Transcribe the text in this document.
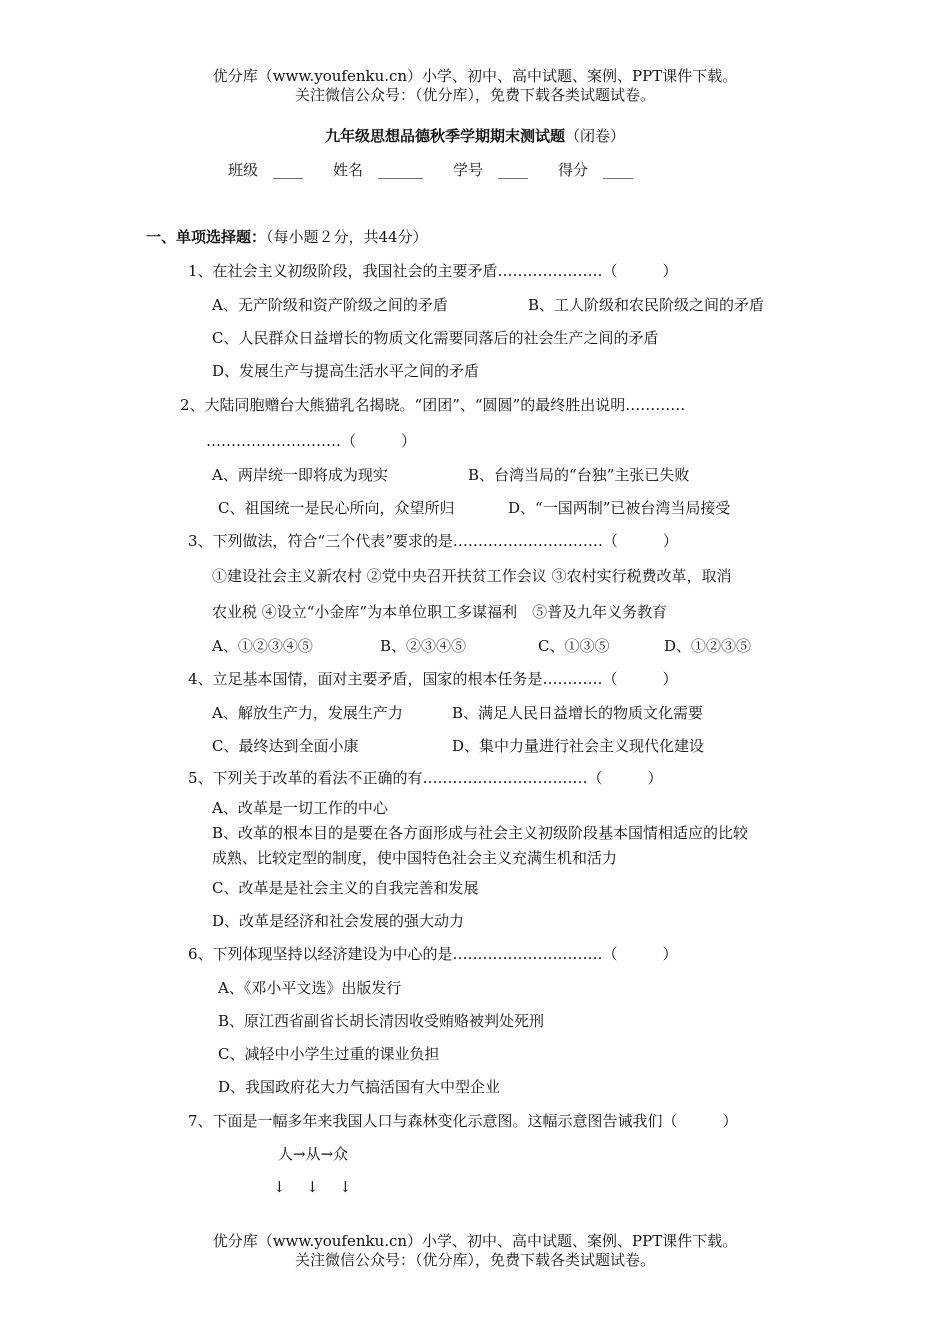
优分库（www.youfenku.cn）小学、初中、高中试题、案例、PPT课件下载。
关注微信公众号：（优分库），免费下载各类试题试卷。
九年级思想品德秋季学期期末测试题（闭卷）
班级　____　　姓名　______　　学号　____　　得分　____
一、单项选择题：（每小题２分，共44分）
1、在社会主义初级阶段，我国社会的主要矛盾…………………（　　　）
A、无产阶级和资产阶级之间的矛盾	B、工人阶级和农民阶级之间的矛盾
C、人民群众日益增长的物质文化需要同落后的社会生产之间的矛盾
D、发展生产与提高生活水平之间的矛盾
2、大陆同胞赠台大熊猫乳名揭晓。“团团”、“圆圆”的最终胜出说明…………
………………………（　　　）
A、两岸统一即将成为现实	B、台湾当局的“台独”主张已失败
C、祖国统一是民心所向，众望所归	D、“一国两制”已被台湾当局接受
3、下列做法，符合“三个代表”要求的是…………………………（　　　）
①建设社会主义新农村 ②党中央召开扶贫工作会议 ③农村实行税费改革，取消
农业税 ④设立“小金库”为本单位职工多谋福利　⑤普及九年义务教育
A、①②③④⑤	B、②③④⑤	C、①③⑤	D、①②③⑤
4、立足基本国情，面对主要矛盾，国家的根本任务是…………（　　　）
A、解放生产力，发展生产力	B、满足人民日益增长的物质文化需要
C、最终达到全面小康	D、集中力量进行社会主义现代化建设
5、下列关于改革的看法不正确的有……………………………（　　　）
A、改革是一切工作的中心
B、改革的根本目的是要在各方面形成与社会主义初级阶段基本国情相适应的比较
成熟、比较定型的制度，使中国特色社会主义充满生机和活力
C、改革是是社会主义的自我完善和发展
D、改革是经济和社会发展的强大动力
6、下列体现坚持以经济建设为中心的是…………………………（　　　）
A、《邓小平文选》出版发行
B、原江西省副省长胡长清因收受贿赂被判处死刑
C、减轻中小学生过重的课业负担
D、我国政府花大力气搞活国有大中型企业
7、下面是一幅多年来我国人口与森林变化示意图。这幅示意图告诫我们（　　　）
人→从→众
↓ ↓ ↓
优分库（www.youfenku.cn）小学、初中、高中试题、案例、PPT课件下载。
关注微信公众号：（优分库），免费下载各类试题试卷。
